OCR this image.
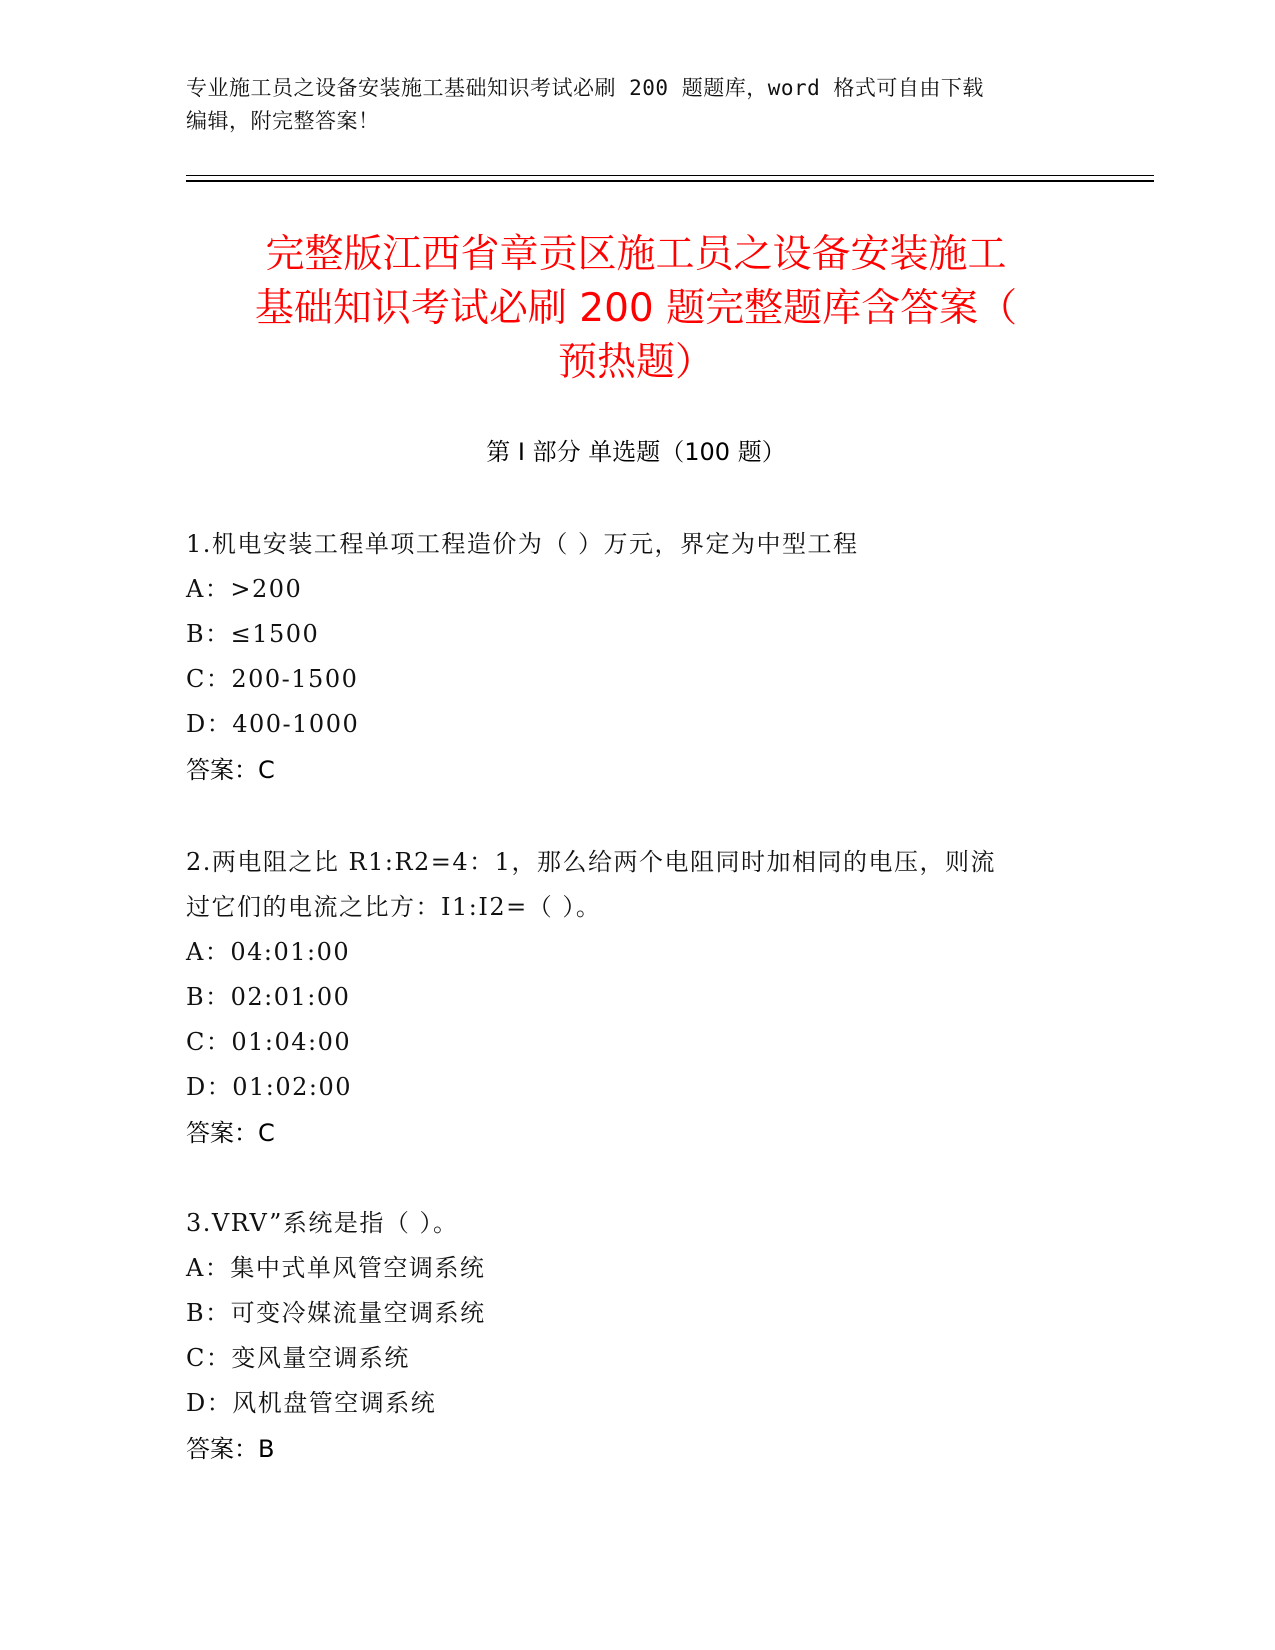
专业施工员之设备安装施工基础知识考试必刷 200 题题库，word 格式可自由下载
编辑，附完整答案！
完整版江西省章贡区施工员之设备安装施工
基础知识考试必刷 200 题完整题库含答案（
预热题）
第 I 部分 单选题（100 题）

1.机电安装工程单项工程造价为（ ）万元，界定为中型工程

A：>200

B：≤1500

C：200-1500

D：400-1000

答案：C

2.两电阻之比 R1:R2=4：1，那么给两个电阻同时加相同的电压，则流

过它们的电流之比方：I1:I2=（ ）。

A：04:01:00

B：02:01:00

C：01:04:00

D：01:02:00

答案：C

3.VRV”系统是指（ ）。

A：集中式单风管空调系统

B：可变冷媒流量空调系统

C：变风量空调系统

D：风机盘管空调系统

答案：B
